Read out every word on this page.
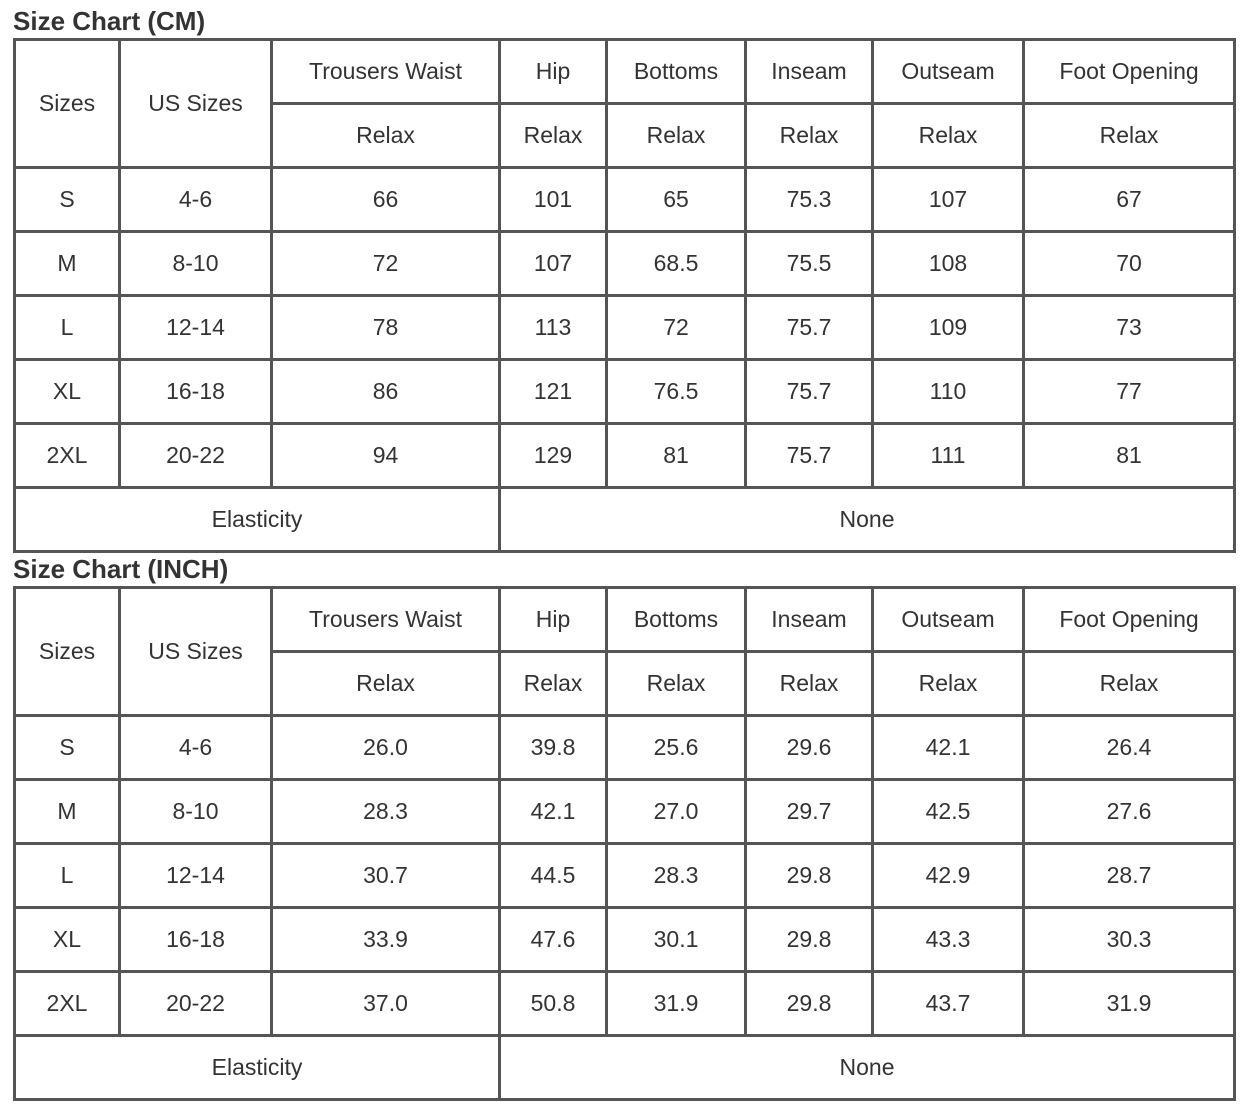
Size Chart (CM)
Sizes	US Sizes	Trousers Waist	Hip	Bottoms	Inseam	Outseam	Foot Opening
		Relax	Relax	Relax	Relax	Relax	Relax
S	4-6	66	101	65	75.3	107	67
M	8-10	72	107	68.5	75.5	108	70
L	12-14	78	113	72	75.7	109	73
XL	16-18	86	121	76.5	75.7	110	77
2XL	20-22	94	129	81	75.7	111	81
Elasticity			None				
Size Chart (INCH)
Sizes	US Sizes	Trousers Waist	Hip	Bottoms	Inseam	Outseam	Foot Opening
		Relax	Relax	Relax	Relax	Relax	Relax
S	4-6	26.0	39.8	25.6	29.6	42.1	26.4
M	8-10	28.3	42.1	27.0	29.7	42.5	27.6
L	12-14	30.7	44.5	28.3	29.8	42.9	28.7
XL	16-18	33.9	47.6	30.1	29.8	43.3	30.3
2XL	20-22	37.0	50.8	31.9	29.8	43.7	31.9
Elasticity			None				
